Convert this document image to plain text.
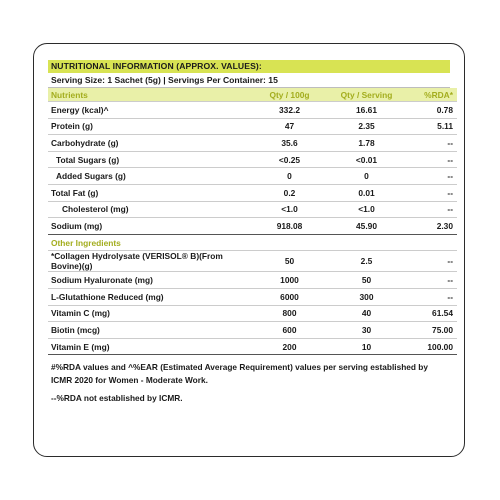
NUTRITIONAL INFORMATION (APPROX. VALUES):
Serving Size: 1 Sachet (5g) | Servings Per Container: 15
Nutrients	Qty / 100g	Qty / Serving	%RDA*
Energy (kcal)^	332.2	16.61	0.78
Protein (g)	47	2.35	5.11
Carbohydrate (g)	35.6	1.78	--
Total Sugars (g)	<0.25	<0.01	--
Added Sugars (g)	0	0	--
Total Fat (g)	0.2	0.01	--
Cholesterol (mg)	<1.0	<1.0	--
Sodium (mg)	918.08	45.90	2.30
Other Ingredients			
*Collagen Hydrolysate (VERISOL® B)(From Bovine)(g)	50	2.5	--
Sodium Hyaluronate (mg)	1000	50	--
L-Glutathione Reduced (mg)	6000	300	--
Vitamin C (mg)	800	40	61.54
Biotin (mcg)	600	30	75.00
Vitamin E (mg)	200	10	100.00

#%RDA values and ^%EAR (Estimated Average Requirement) values per serving established by ICMR 2020 for Women - Moderate Work.

--%RDA not established by ICMR.
